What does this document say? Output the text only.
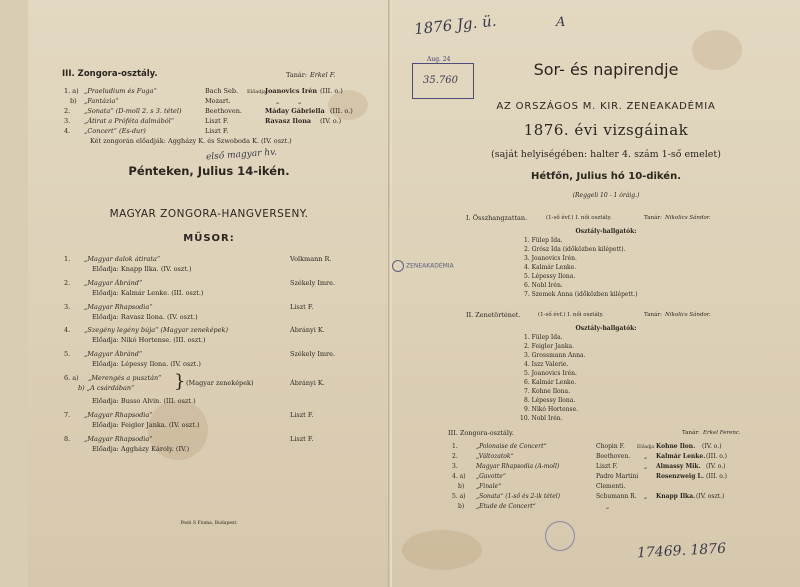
III. Zongora-osztály.	Tanár: Erkel F.
1. a) „Praeludium és Fuga“	Bach Seb. Előadja Joanovics Irén (III. o.)
b) „Fantázia“	Mozart.	„	„
2. „Sonata“ (D-moll 2. s 3. tétel)	Beethoven.	Máday Gábriella (III. o.)
3. „Átirat a Próféta dalmából“	Liszt F.	Ravasz Ilona (IV. o.)
4. „Concert“ (Es-dur)	Liszt F.
Két zongorán előadják: Aggházy K. és Szwoboda K. (IV. oszt.)
első magyar hv.
Pénteken, Julius 14-ikén.
MAGYAR ZONGORA-HANGVERSENY.
MŰSOR:
1. „Magyar dalok átirata“	Volkmann R.
Előadja: Knapp Ilka. (IV. oszt.)
2. „Magyar Ábránd“	Székely Imre.
Előadja: Kalmár Lenke. (III. oszt.)
3. „Magyar Rhapsodia“	Liszt F.
Előadja: Ravasz Ilona. (IV. oszt.)
4. „Szegény legény búja“ (Magyar zeneképek)	Ábrányi K.
Előadja: Nikó Hortense. (III. oszt.)
5. „Magyar Ábránd“	Székely Imre.
Előadja: Lépessy Ilona. (IV. oszt.)
6. a) „Merengés a pusztán“
b) „A csárdában“ } (Magyar zeneképek)	Ábrányi K.
Előadja: Busso Alvin. (III. oszt.)
7. „Magyar Rhapsodia“	Liszt F.
Előadja: Feigler Janka. (IV. oszt.)
8. „Magyar Rhapsodia“	Liszt F.
Előadja: Aggházy Károly. (IV.)
Pesti S Fiuma, Budapest.
1876 Jg. ü.	A
Aug. 24
35.760
Sor- és napirendje
AZ ORSZÁGOS M. KIR. ZENEAKADÉMIA
1876. évi vizsgáinak
(saját helyiségében: halter 4. szám 1-ső emelet)
Hétfőn, Julius hó 10-dikén.
(Reggeli 10 - 1 óráig.)
ZENEAKADÉMIA
I. Összhangzattan.	(1-ső évf.) I. női osztály.	Tanár: Nikolics Sándor.
Osztály-hallgatók:
1. Fülep Ida.
2. Grósz Ida (időközben kilépett).
3. Joanovics Irén.
4. Kalmár Lenke.
5. Lépessy Ilona.
6. Nobl Irén.
7. Szemek Anna (időközben kilépett.)
II. Zenetörténet.	(1-ső évf.) I. női osztály.	Tanár: Nikolics Sándor.
Osztály-hallgatók:
1. Fülep Ida.
2. Feigler Janka.
3. Grossmann Anna.
4. Iszz Valerie.
5. Joanovics Irén.
6. Kalmár Lenke.
7. Kohne Ilona.
8. Lépessy Ilona.
9. Nikó Hortense.
10. Nobl Irén.
III. Zongora-osztály.	Tanár: Erkel Ferenc.
1.	„Polonaise de Concert“	Chopin F.	Előadja Kohne Ilon. (IV. o.)
2.	„Változatok“	Beethoven. „ Kalmár Lenke. (III. o.)
3.	Magyar Rhapsodia (A-moll)	Liszt F.	„ Almassy Mik. (IV. o.)
4. a) „Gavotte“	Padre Martini	Rosenzweig L. (III. o.)
b) „Finale“	Clementi.
5. a) „Sonata“ (1-ső és 2-ik tétel)	Schumann R. „ Knapp Ilka. (IV. oszt.)
b) „Etude de Concert“	„
17469. 1876
